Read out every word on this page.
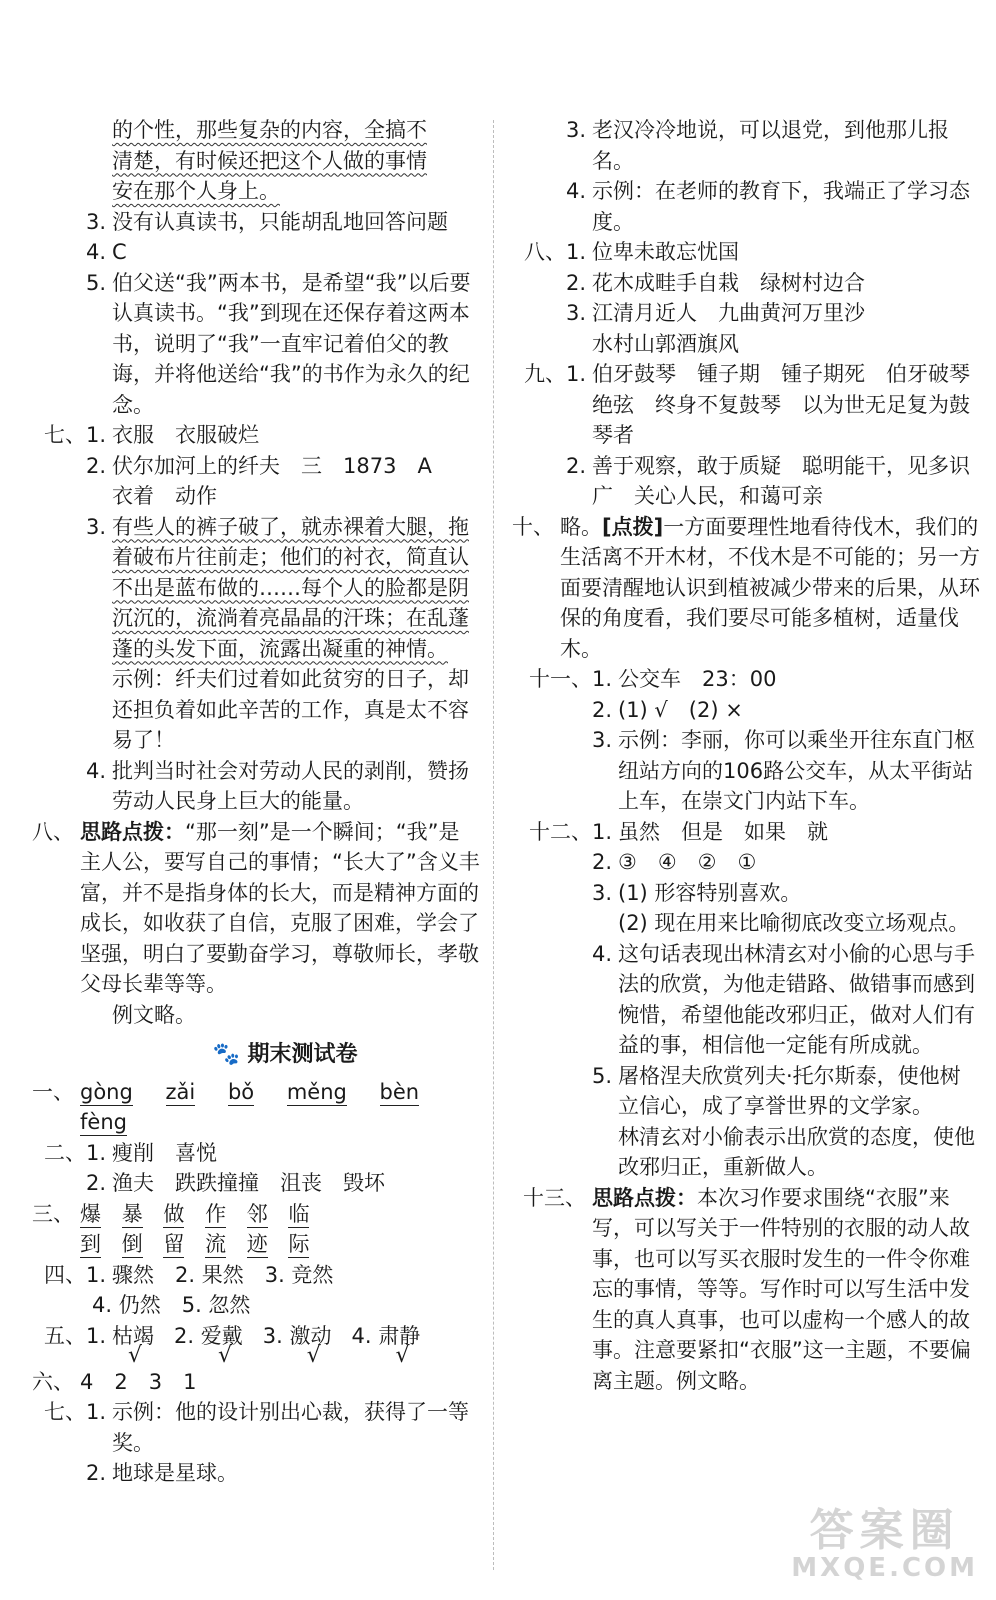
的个性，那些复杂的内容，全搞不
清楚，有时候还把这个人做的事情
安在那个人身上。
3. 没有认真读书，只能胡乱地回答问题
4. C
5. 伯父送“我”两本书，是希望“我”以后要认真读书。“我”到现在还保存着这两本书，说明了“我”一直牢记着伯父的教诲，并将他送给“我”的书作为永久的纪念。
七、1. 衣服　衣服破烂
2. 伏尔加河上的纤夫　三　1873　A
衣着　动作
3. 有些人的裤子破了，就赤裸着大腿，拖着破布片往前走；他们的衬衣，简直认不出是蓝布做的……每个人的脸都是阴沉沉的，流淌着亮晶晶的汗珠；在乱蓬蓬的头发下面，流露出凝重的神情。
示例：纤夫们过着如此贫穷的日子，却还担负着如此辛苦的工作，真是太不容易了！
4. 批判当时社会对劳动人民的剥削，赞扬劳动人民身上巨大的能量。
八、 思路点拨：“那一刻”是一个瞬间；“我”是主人公，要写自己的事情；“长大了”含义丰富，并不是指身体的长大，而是精神方面的成长，如收获了自信，克服了困难，学会了坚强，明白了要勤奋学习，尊敬师长，孝敬父母长辈等等。
例文略。
🐾 期末测试卷
一、 gòng zǎi bǒ měng bèn fèng
二、1. 瘦削　喜悦
2. 渔夫　跌跌撞撞　沮丧　毁坏
三、 爆 暴 做 作 邻 临
到 倒 留 流 迹 际
四、1. 骤然　2. 果然　3. 竞然
4. 仍然　5. 忽然
五、1. 枯竭
√
2. 爱戴
√
3. 激动
√
4. 肃静
√
六、 4　2　3　1
七、1. 示例：他的设计别出心裁，获得了一等奖。
2. 地球是星球。
3. 老汉冷冷地说，可以退党，到他那儿报名。
4. 示例：在老师的教育下，我端正了学习态度。
八、1. 位卑未敢忘忧国
2. 花木成畦手自栽　绿树村边合
3. 江清月近人　九曲黄河万里沙
水村山郭酒旗风
九、1. 伯牙鼓琴　锺子期　锺子期死　伯牙破琴绝弦　终身不复鼓琴　以为世无足复为鼓琴者
2. 善于观察，敢于质疑　聪明能干，见多识广　关心人民，和蔼可亲
十、 略。[点拨]一方面要理性地看待伐木，我们的生活离不开木材，不伐木是不可能的；另一方面要清醒地认识到植被减少带来的后果，从环保的角度看，我们要尽可能多植树，适量伐木。
十一、1. 公交车　23：00
2. (1) √　(2) ×
3. 示例：李丽，你可以乘坐开往东直门枢纽站方向的106路公交车，从太平街站上车，在崇文门内站下车。
十二、1. 虽然　但是　如果　就
2. ③　④　②　①
3. (1) 形容特别喜欢。
(2) 现在用来比喻彻底改变立场观点。
4. 这句话表现出林清玄对小偷的心思与手法的欣赏，为他走错路、做错事而感到惋惜，希望他能改邪归正，做对人们有益的事，相信他一定能有所成就。
5. 屠格涅夫欣赏列夫·托尔斯泰，使他树立信心，成了享誉世界的文学家。
林清玄对小偷表示出欣赏的态度，使他改邪归正，重新做人。
十三、 思路点拨：本次习作要求围绕“衣服”来写，可以写关于一件特别的衣服的动人故事，也可以写买衣服时发生的一件令你难忘的事情，等等。写作时可以写生活中发生的真人真事，也可以虚构一个感人的故事。注意要紧扣“衣服”这一主题，不要偏离主题。例文略。
答案圈
MXQE.COM
